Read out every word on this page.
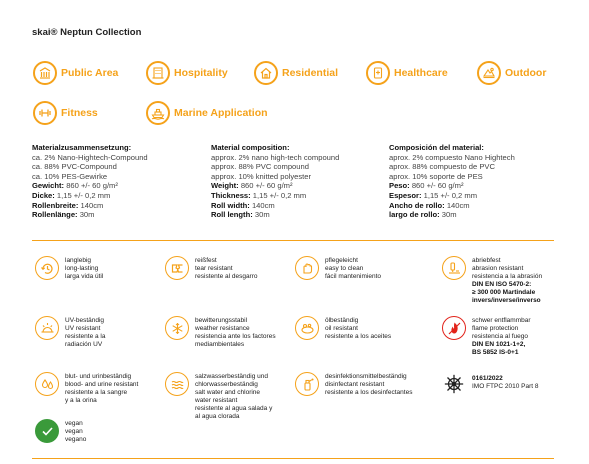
skai® Neptun Collection
Public Area	Hospitality	Residential	Healthcare	Outdoor
Fitness	Marine Application
Materialzusammensetzung:
ca. 2% Nano-Hightech-Compound
ca. 88% PVC-Compound
ca. 10% PES-Gewirke
Gewicht: 860 +/- 60 g/m²
Dicke: 1,15 +/- 0,2 mm
Rollenbreite: 140cm
Rollenlänge: 30m
Material composition:
approx. 2% nano high-tech compound
approx. 88% PVC compound
approx. 10% knitted polyester
Weight: 860 +/- 60 g/m²
Thickness: 1,15 +/- 0,2 mm
Roll width: 140cm
Roll length: 30m
Composición del material:
aprox. 2% compuesto Nano Hightech
aprox. 88% compuesto de PVC
aprox. 10% soporte de PES
Peso: 860 +/- 60 g/m²
Espesor: 1,15 +/- 0,2 mm
Ancho de rollo: 140cm
largo de rollo: 30m
langlebig
long-lasting
larga vida útil
reißfest
tear resistant
resistente al desgarro
pflegeleicht
easy to clean
fácil mantenimiento
abriebfest
abrasion resistant
resistencia a la abrasión
DIN EN ISO 5470-2:
≥ 300 000 Martindale
invers/inverse/inverso
UV-beständig
UV resistant
resistente a la
radiación UV
bewitterungsstabil
weather resistance
resistencia ante los factores
mediambientales
ölbeständig
oil resistant
resistente a los aceites
schwer entflammbar
flame protection
resistencia al fuego
DIN EN 1021-1+2,
BS 5852 IS-0+1
blut- und urinbeständig
blood- and urine resistant
resistente a la sangre
y a la orina
salzwasserbeständig und
chlorwasserbeständig
salt water and chlorine
water resistant
resistente al agua salada y
al agua clorada
desinfektionsmittelbeständig
disinfectant resistant
resistente a los desinfectantes
0161/2022
IMO FTPC 2010 Part 8
vegan
vegan
vegano
